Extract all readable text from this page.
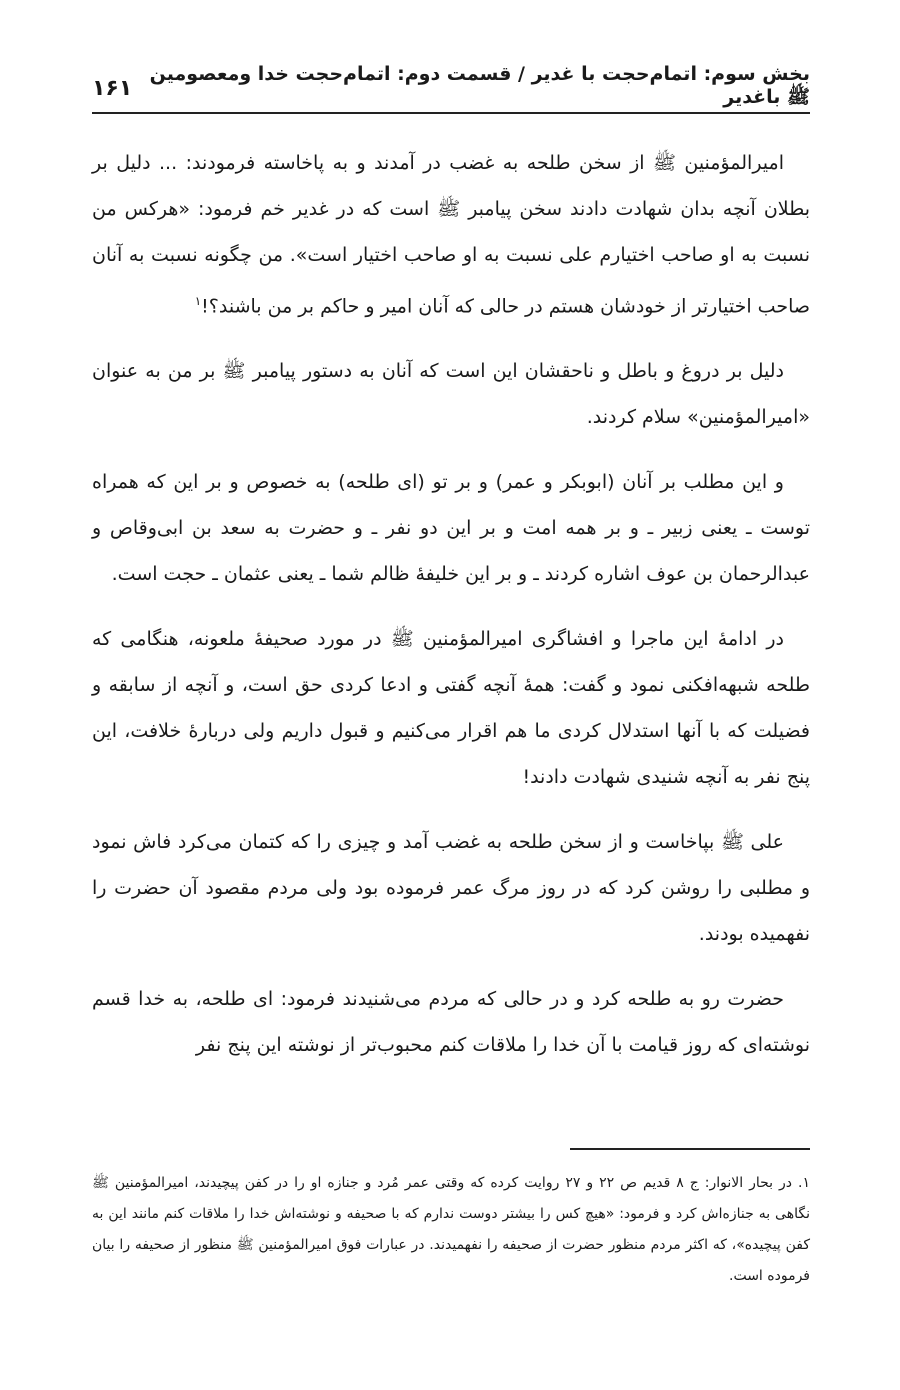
بخش سوم: اتمام‌حجت با غدیر / قسمت دوم: اتمام‌حجت خدا ومعصومین ﷺ باغدیر
۱۶۱

امیرالمؤمنین ﷺ از سخن طلحه به غضب در آمدند و به پاخاسته فرمودند: ... دلیل بر بطلان آنچه بدان شهادت دادند سخن پیامبر ﷺ است که در غدیر خم فرمود: «هرکس من نسبت به او صاحب اختیارم علی نسبت به او صاحب اختیار است». من چگونه نسبت به آنان صاحب اختیارتر از خودشان هستم در حالی که آنان امیر و حاکم بر من باشند؟!$^۱$

دلیل بر دروغ و باطل و ناحقشان این است که آنان به دستور پیامبر ﷺ بر من به عنوان «امیرالمؤمنین» سلام کردند.

و این مطلب بر آنان (ابوبکر و عمر) و بر تو (ای طلحه) به خصوص و بر این که همراه توست ـ یعنی زبیر ـ و بر همه امت و بر این دو نفر ـ و حضرت به سعد بن ابی‌وقاص و عبدالرحمان بن عوف اشاره کردند ـ و بر این خلیفهٔ ظالم شما ـ یعنی عثمان ـ حجت است.

در ادامهٔ این ماجرا و افشاگری امیرالمؤمنین ﷺ در مورد صحیفهٔ ملعونه، هنگامی که طلحه شبهه‌افکنی نمود و گفت: همهٔ آنچه گفتی و ادعا کردی حق است، و آنچه از سابقه و فضیلت که با آنها استدلال کردی ما هم اقرار می‌کنیم و قبول داریم ولی دربارهٔ خلافت، این پنج نفر به آنچه شنیدی شهادت دادند!

علی ﷺ بپاخاست و از سخن طلحه به غضب آمد و چیزی را که کتمان می‌کرد فاش نمود و مطلبی را روشن کرد که در روز مرگ عمر فرموده بود ولی مردم مقصود آن حضرت را نفهمیده بودند.

حضرت رو به طلحه کرد و در حالی که مردم می‌شنیدند فرمود: ای طلحه، به خدا قسم نوشته‌ای که روز قیامت با آن خدا را ملاقات کنم محبوب‌تر از نوشته این پنج نفر

۱. در بحار الانوار: ج ۸ قدیم ص ۲۲ و ۲۷ روایت کرده که وقتی عمر مُرد و جنازه او را در کفن پیچیدند، امیرالمؤمنین ﷺ نگاهی به جنازه‌اش کرد و فرمود: «هیچ کس را بیشتر دوست ندارم که با صحیفه و نوشته‌اش خدا را ملاقات کنم مانند این به کفن پیچیده»، که اکثر مردم منظور حضرت از صحیفه را نفهمیدند. در عبارات فوق امیرالمؤمنین ﷺ منظور از صحیفه را بیان فرموده است.
